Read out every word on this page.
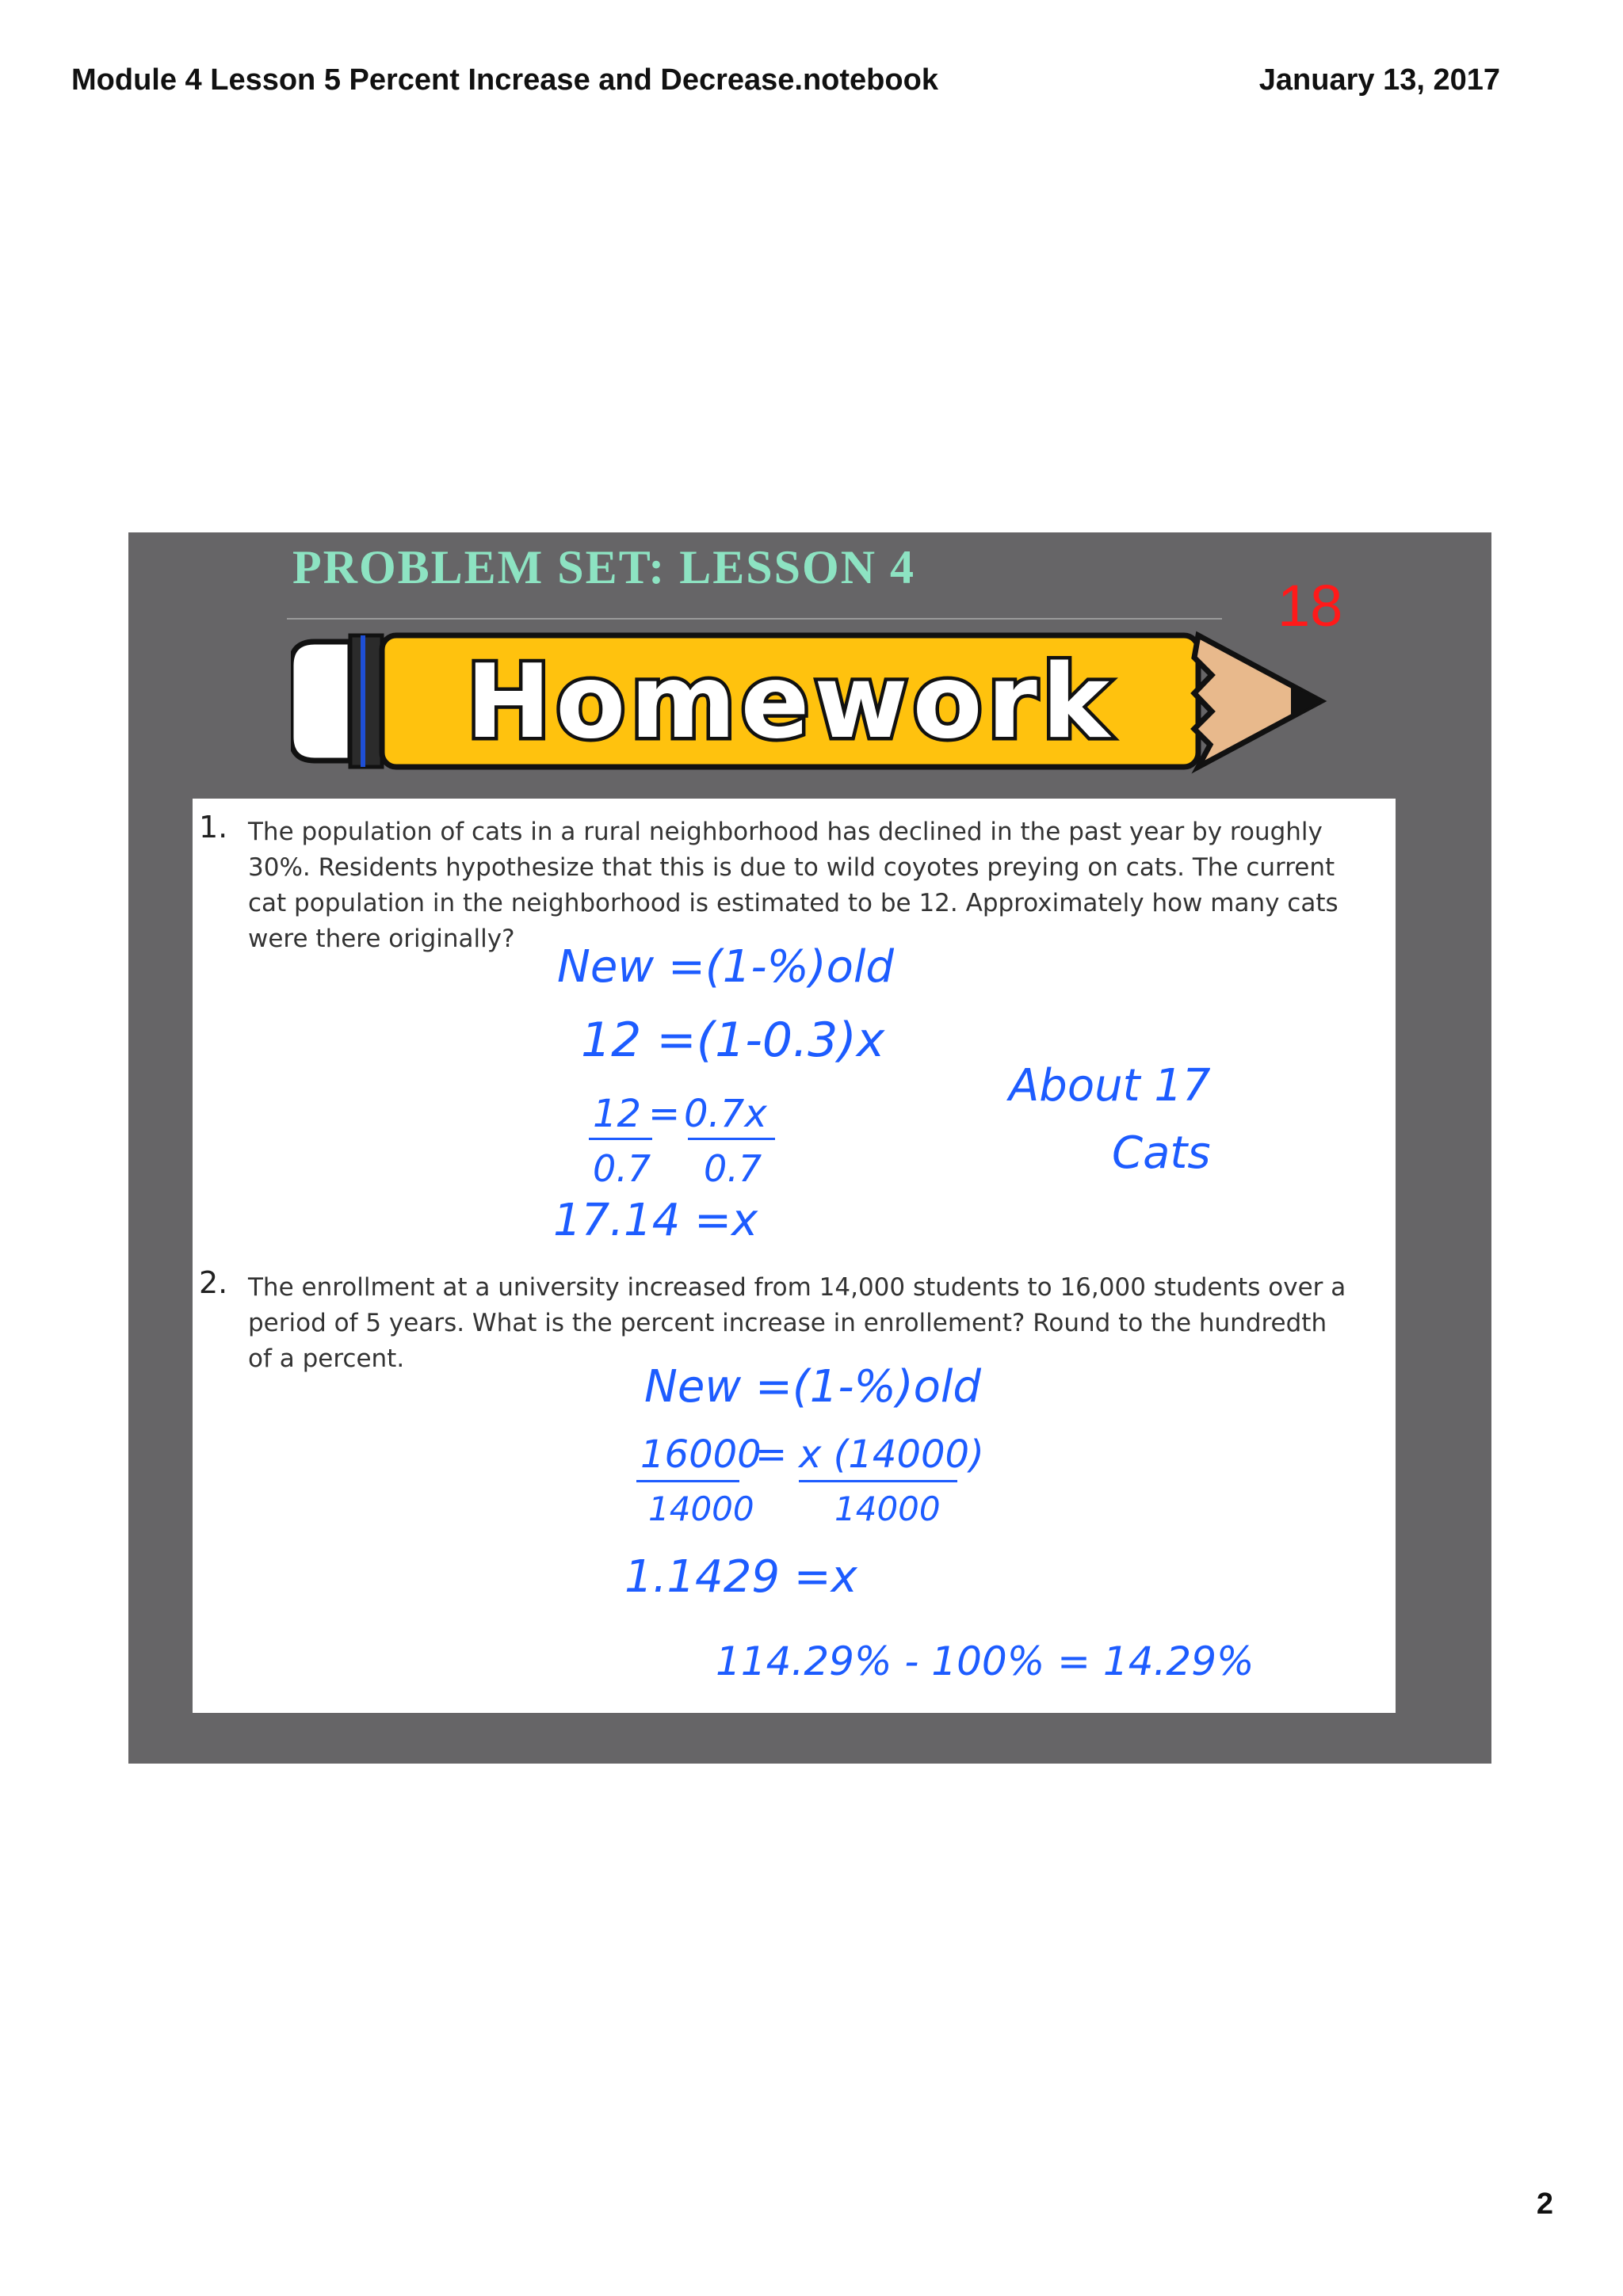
Module 4 Lesson 5 Percent Increase and Decrease.notebook	January 13, 2017
PROBLEM SET: LESSON 4
18
Homework
1. The population of cats in a rural neighborhood has declined in the past year by roughly 30%. Residents hypothesize that this is due to wild coyotes preying on cats. The current cat population in the neighborhood is estimated to be 12. Approximately how many cats were there originally?
New =(1-%)old
12 =(1-0.3)x
12 = 0.7x
0.7 0.7
17.14 =x
About 17
Cats
2. The enrollment at a university increased from 14,000 students to 16,000 students over a period of 5 years. What is the percent increase in enrollement? Round to the hundredth of a percent.
New =(1-%)old
16000
= x (14000)
14000 14000
1.1429 =x
114.29% - 100% = 14.29%
2
